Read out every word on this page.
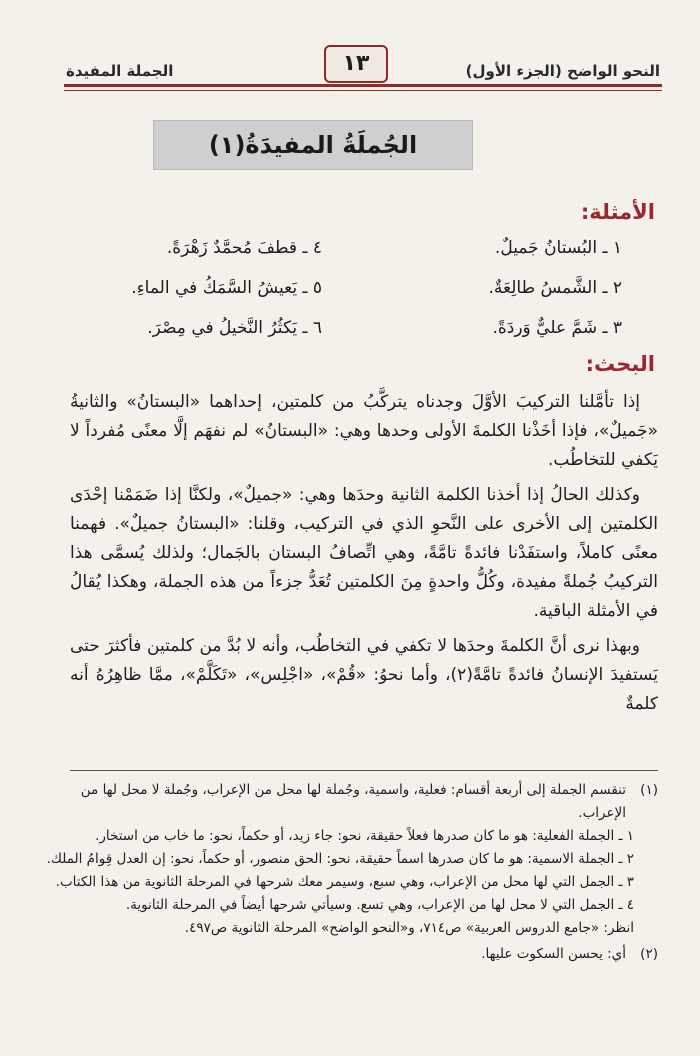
النحو الواضح (الجزء الأول)
١٣
الجملة المفيدة
الجُملَةُ المفيدَةُ(١)
الأمثلة:
١ ـ البُستانُ جَميلٌ.
٢ ـ الشَّمسُ طالِعَةٌ.
٣ ـ شَمَّ عليٌّ وَردَةً.
٤ ـ قطفَ مُحمَّدٌ زَهْرَةً.
٥ ـ يَعيشُ السَّمَكُ في الماءِ.
٦ ـ يَكثُرُ النَّخيلُ في مِصْرَ.
البحث:

إذا تأمَّلنا التركيبَ الأوَّلَ وجدناه يتركَّبُ من كلمتين، إحداهما «البستانُ» والثانيةُ «جَميلٌ»، فإذا أخَذْنا الكلمةَ الأولى وحدها وهي: «البستانُ» لم نفهَم إلَّا معنًى مُفرداً لا يَكفي للتخاطُب.

وكذلك الحالُ إذا أخذنا الكلمة الثانية وحدَها وهي: «جميلٌ»، ولكنَّا إذا ضَمَمْنا إحْدَى الكلمتين إلى الأخرى على النَّحوِ الذي في التركيب، وقلنا: «البستانُ جميلٌ». فهمنا معنًى كاملاً، واستفَدْنا فائدةً تامَّةً، وهي اتِّصافُ البستان بالجَمال؛ ولذلك يُسمَّى هذا التركيبُ جُملةً مفيدة، وكُلُّ واحدةٍ مِنَ الكلمتين تُعَدُّ جزءاً من هذه الجملة، وهكذا يُقالُ في الأمثلة الباقية.

وبهذا نرى أنَّ الكلمةَ وحدَها لا تكفي في التخاطُب، وأنه لا بُدَّ من كلمتين فأكثرَ حتى يَستفيدَ الإنسانُ فائدةً تامَّةً(٢)، وأما نحوُ: «قُمْ»، «اجْلِس»، «تَكَلَّمْ»، ممَّا ظاهِرُهُ أنه كلمةٌ

(١)تنقسم الجملة إلى أربعة أقسام: فعلية، واسمية، وجُملة لها محل من الإعراب، وجُملة لا محل لها من
الإعراب.
١ ـ الجملة الفعلية: هو ما كان صدرها فعلاً حقيقة، نحو: جاء زيد، أو حكماً، نحو: ما خاب من استخار.
٢ ـ الجملة الاسمية: هو ما كان صدرها اسماً حقيقة، نحو: الحق منصور، أو حكماً، نحو: إن العدل قِوامُ الملك.
٣ ـ الجمل التي لها محل من الإعراب، وهي سبع، وسيمر معك شرحها في المرحلة الثانوية من هذا الكتاب.
٤ ـ الجمل التي لا محل لها من الإعراب، وهي تسع. وسيأتي شرحها أيضاً في المرحلة الثانوية.
انظر: «جامع الدروس العربية» ص٧١٤، و«النحو الواضح» المرحلة الثانوية ص٤٩٧.
(٢)أي: يحسن السكوت عليها.
